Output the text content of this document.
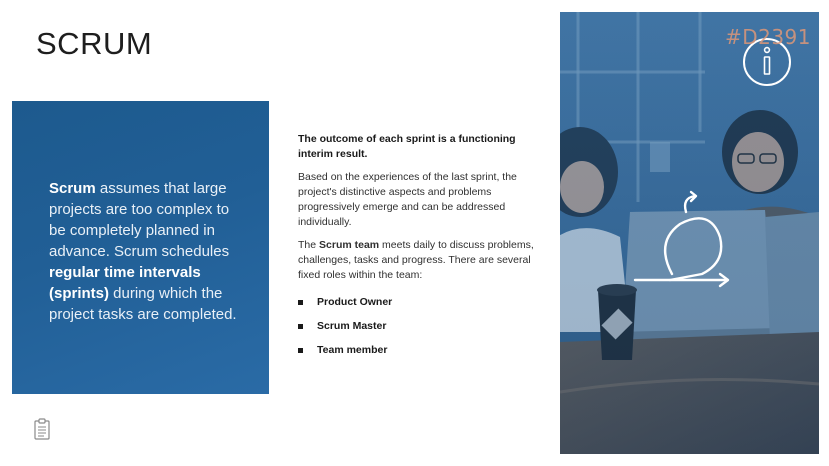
SCRUM
Scrum assumes that large projects are too complex to be completely planned in advance. Scrum schedules regular time intervals (sprints) during which the project tasks are completed.

The outcome of each sprint is a functioning interim result.

Based on the experiences of the last sprint, the project's distinctive aspects and problems progressively emerge and can be addressed individually.

The Scrum team meets daily to discuss problems, challenges, tasks and progress. There are several fixed roles within the team:

Product Owner
Scrum Master
Team member
#D2391
